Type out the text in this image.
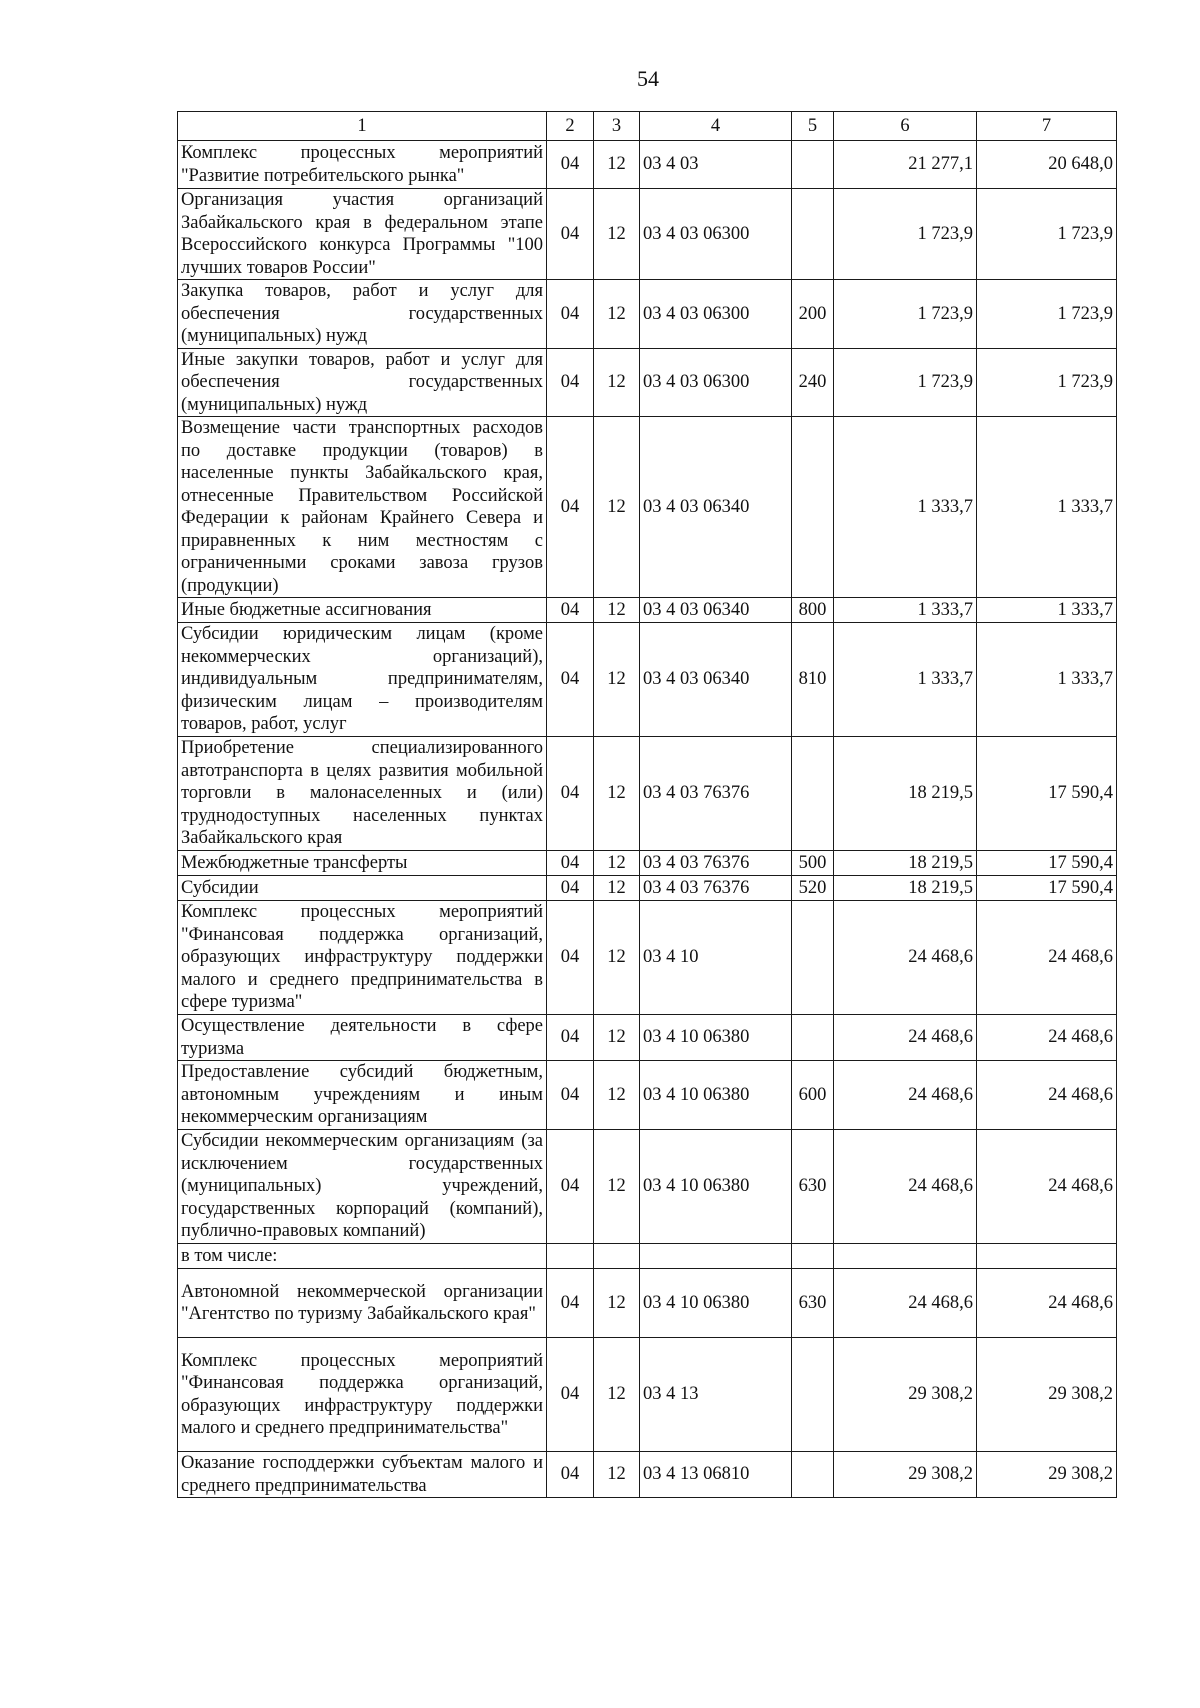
54
1	2	3	4	5	6	7
Комплекс процессных мероприятий "Развитие потребительского рынка"	04	12	03 4 03		21 277,1	20 648,0
Организация участия организаций Забайкальского края в федеральном этапе Всероссийского конкурса Программы "100 лучших товаров России"	04	12	03 4 03 06300		1 723,9	1 723,9
Закупка товаров, работ и услуг для обеспечения государственных (муниципальных) нужд	04	12	03 4 03 06300	200	1 723,9	1 723,9
Иные закупки товаров, работ и услуг для обеспечения государственных (муниципальных) нужд	04	12	03 4 03 06300	240	1 723,9	1 723,9
Возмещение части транспортных расходов по доставке продукции (товаров) в населенные пункты Забайкальского края, отнесенные Правительством Российской Федерации к районам Крайнего Севера и приравненных к ним местностям с ограниченными сроками завоза грузов (продукции)	04	12	03 4 03 06340		1 333,7	1 333,7
Иные бюджетные ассигнования	04	12	03 4 03 06340	800	1 333,7	1 333,7
Субсидии юридическим лицам (кроме некоммерческих организаций), индивидуальным предпринимателям, физическим лицам – производителям товаров, работ, услуг	04	12	03 4 03 06340	810	1 333,7	1 333,7
Приобретение специализированного автотранспорта в целях развития мобильной торговли в малонаселенных и (или) труднодоступных населенных пунктах Забайкальского края	04	12	03 4 03 76376		18 219,5	17 590,4
Межбюджетные трансферты	04	12	03 4 03 76376	500	18 219,5	17 590,4
Субсидии	04	12	03 4 03 76376	520	18 219,5	17 590,4
Комплекс процессных мероприятий "Финансовая поддержка организаций, образующих инфраструктуру поддержки малого и среднего предпринимательства в сфере туризма"	04	12	03 4 10		24 468,6	24 468,6
Осуществление деятельности в сфере туризма	04	12	03 4 10 06380		24 468,6	24 468,6
Предоставление субсидий бюджетным, автономным учреждениям и иным некоммерческим организациям	04	12	03 4 10 06380	600	24 468,6	24 468,6
Субсидии некоммерческим организациям (за исключением государственных (муниципальных) учреждений, государственных корпораций (компаний), публично-правовых компаний)	04	12	03 4 10 06380	630	24 468,6	24 468,6
в том числе:						
Автономной некоммерческой организации "Агентство по туризму Забайкальского края"	04	12	03 4 10 06380	630	24 468,6	24 468,6
Комплекс процессных мероприятий "Финансовая поддержка организаций, образующих инфраструктуру поддержки малого и среднего предпринимательства"	04	12	03 4 13		29 308,2	29 308,2
Оказание господдержки субъектам малого и среднего предпринимательства	04	12	03 4 13 06810		29 308,2	29 308,2
